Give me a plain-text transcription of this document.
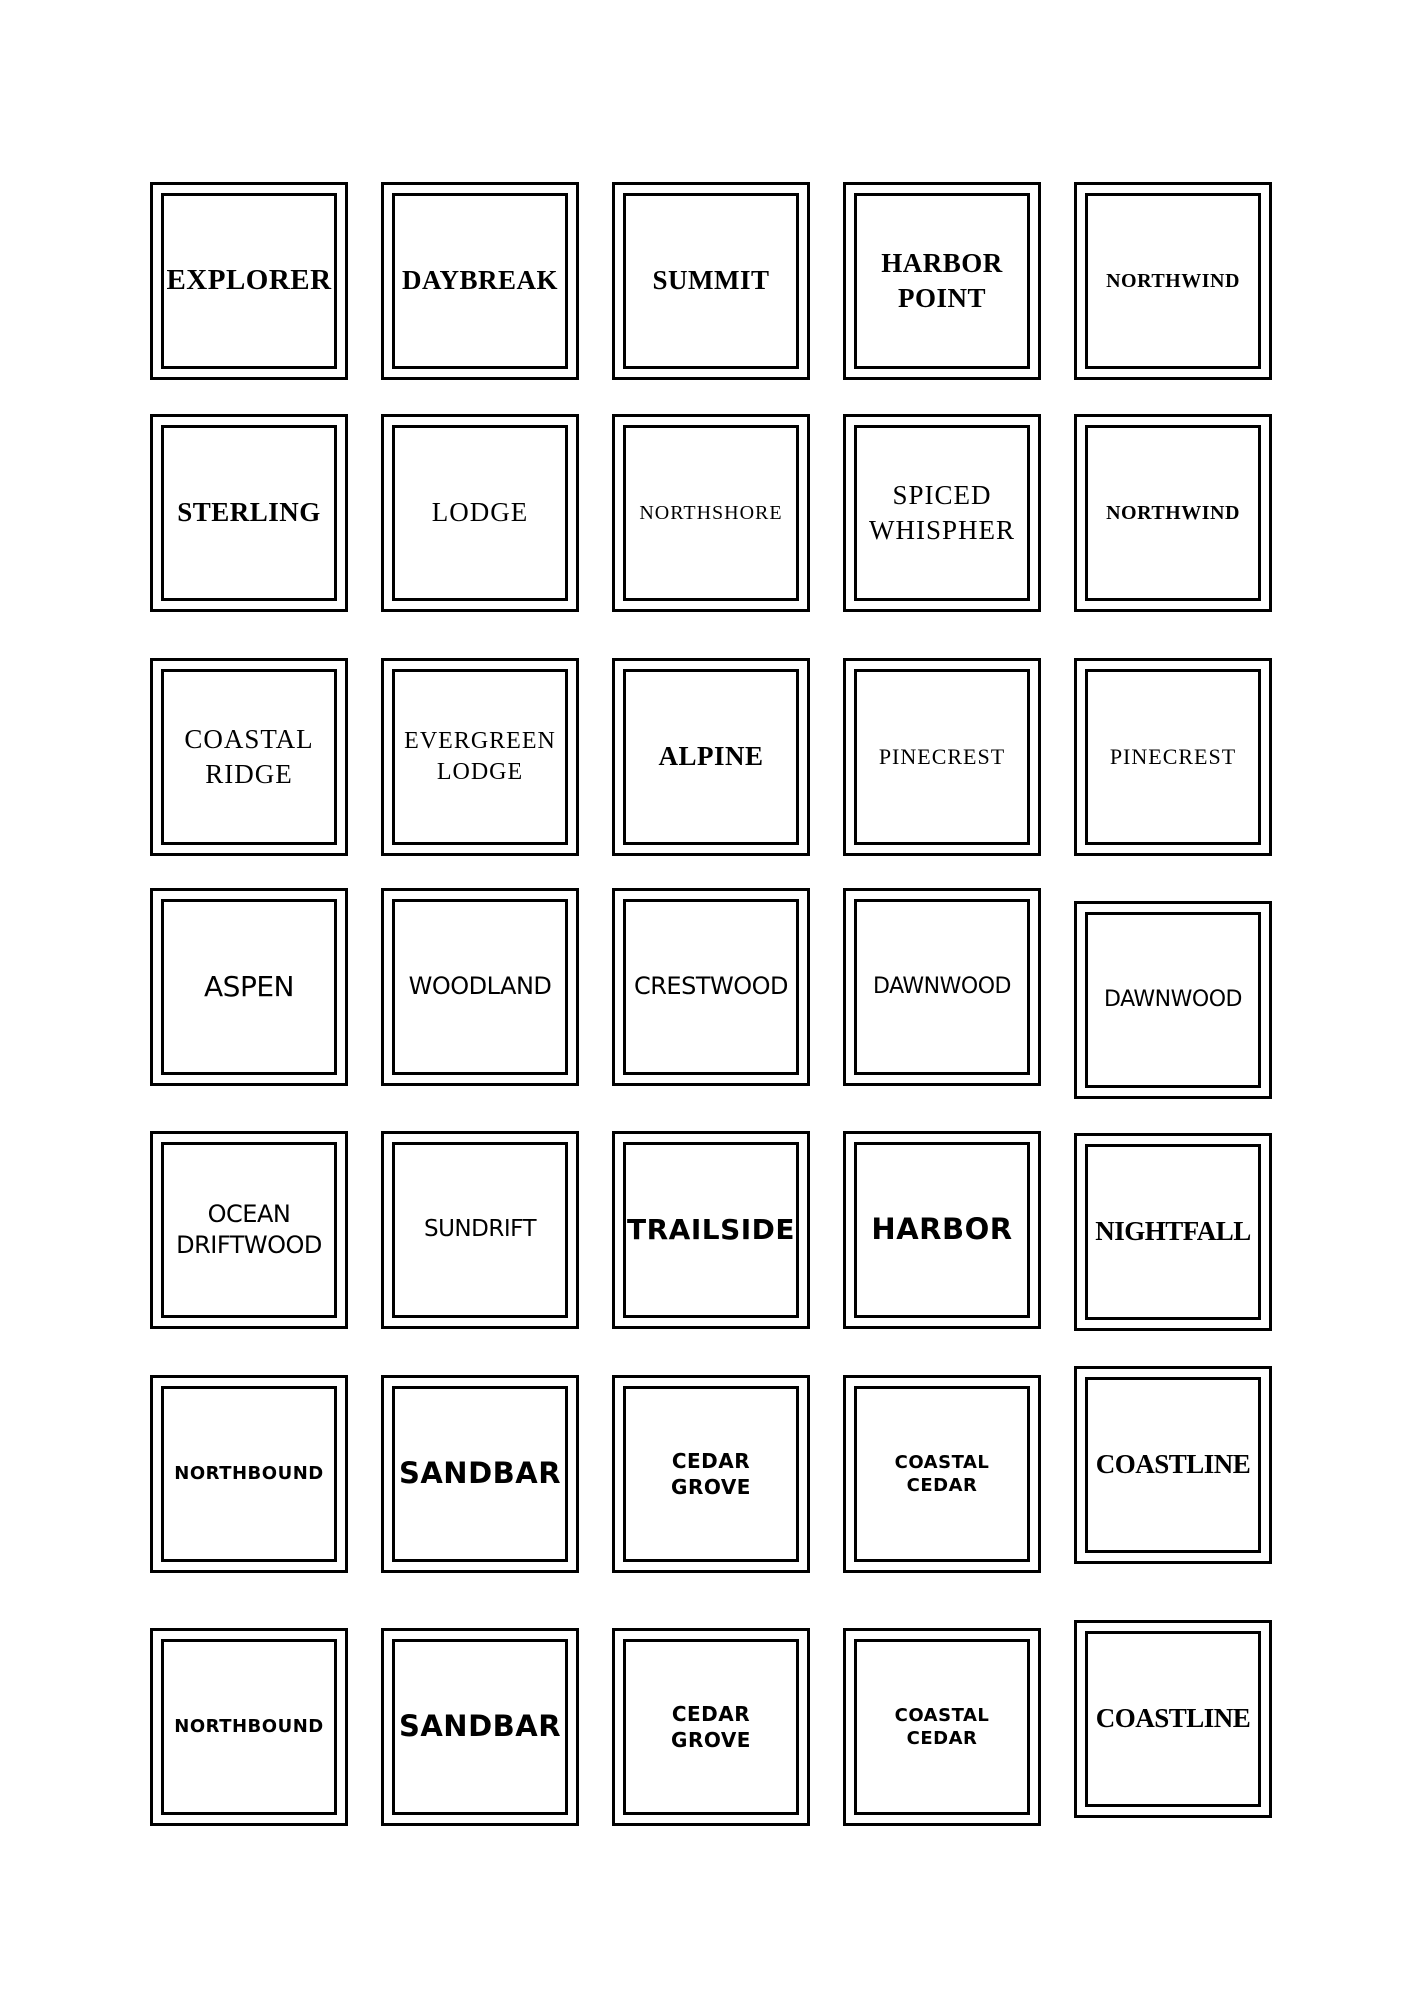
EXPLORER	DAYBREAK	SUMMIT
HARBOR
POINT
NORTHWIND
STERLING	LODGE	NORTHSHORE
SPICED
WHISPHER
NORTHWIND
COASTAL
RIDGE
EVERGREEN
LODGE
ALPINE	PINECREST	PINECREST
ASPEN	WOODLAND	CRESTWOOD	DAWNWOOD
DAWNWOOD
OCEAN
DRIFTWOOD
SUNDRIFT	TRAILSIDE	HARBOR	NIGHTFALL
NORTHBOUND	SANDBAR	CEDAR GROVE
COASTAL CEDAR
COASTLINE
NORTHBOUND	SANDBAR	CEDAR GROVE
COASTAL CEDAR
COASTLINE
